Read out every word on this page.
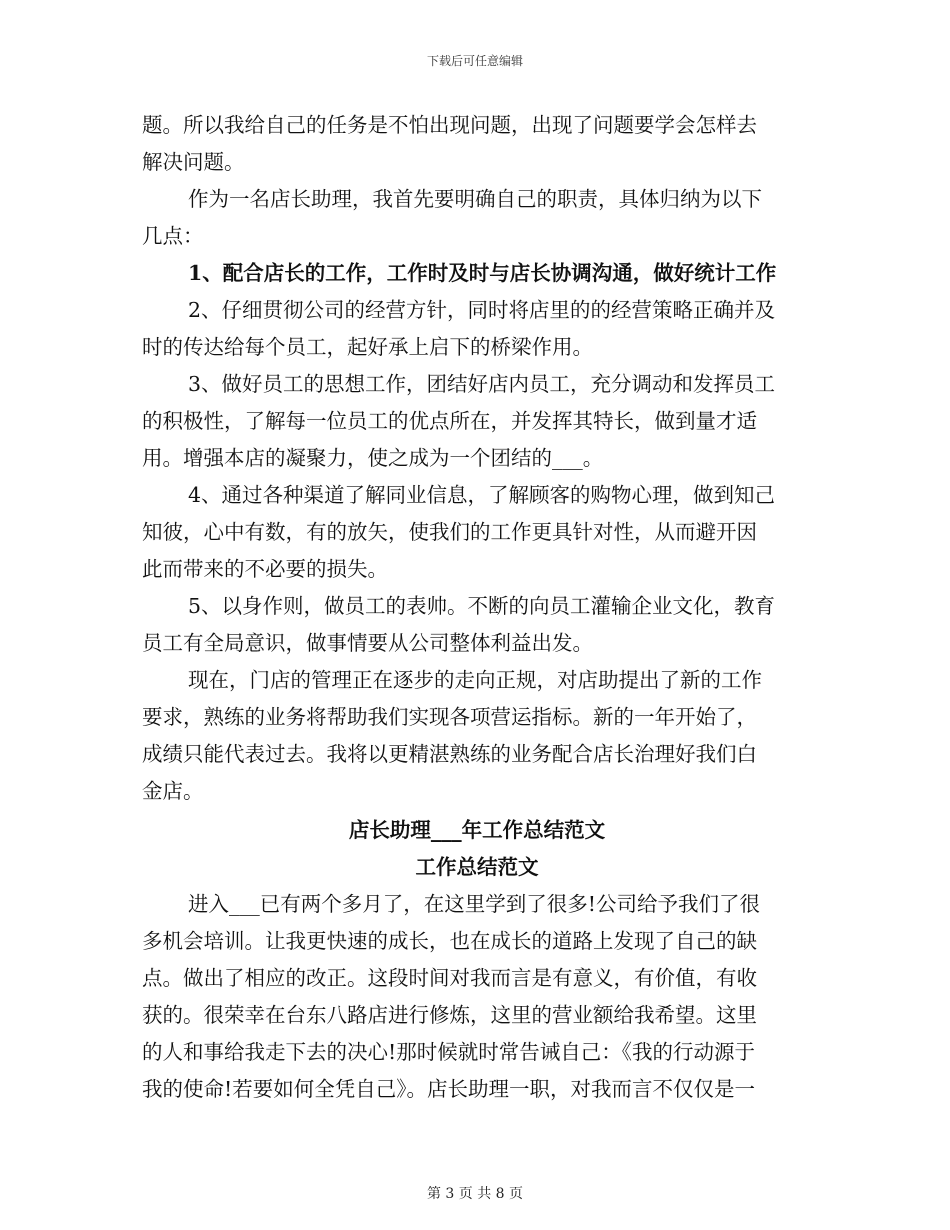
下载后可任意编辑
题。所以我给自己的任务是不怕出现问题，出现了问题要学会怎样去
解决问题。
作为一名店长助理，我首先要明确自己的职责，具体归纳为以下
几点：
1、配合店长的工作，工作时及时与店长协调沟通，做好统计工作
2、仔细贯彻公司的经营方针，同时将店里的的经营策略正确并及
时的传达给每个员工，起好承上启下的桥梁作用。
3、做好员工的思想工作，团结好店内员工，充分调动和发挥员工
的积极性，了解每一位员工的优点所在，并发挥其特长，做到量才适
用。增强本店的凝聚力，使之成为一个团结的___。
4、通过各种渠道了解同业信息，了解顾客的购物心理，做到知己
知彼，心中有数，有的放矢，使我们的工作更具针对性，从而避开因
此而带来的不必要的损失。
5、以身作则，做员工的表帅。不断的向员工灌输企业文化，教育
员工有全局意识，做事情要从公司整体利益出发。
现在，门店的管理正在逐步的走向正规，对店助提出了新的工作
要求，熟练的业务将帮助我们实现各项营运指标。新的一年开始了，
成绩只能代表过去。我将以更精湛熟练的业务配合店长治理好我们白
金店。
店长助理___年工作总结范文
工作总结范文
进入___已有两个多月了，在这里学到了很多!公司给予我们了很
多机会培训。让我更快速的成长，也在成长的道路上发现了自己的缺
点。做出了相应的改正。这段时间对我而言是有意义，有价值，有收
获的。很荣幸在台东八路店进行修炼，这里的营业额给我希望。这里
的人和事给我走下去的决心!那时候就时常告诫自己：《我的行动源于
我的使命!若要如何全凭自己》。店长助理一职，对我而言不仅仅是一
第 3 页 共 8 页
